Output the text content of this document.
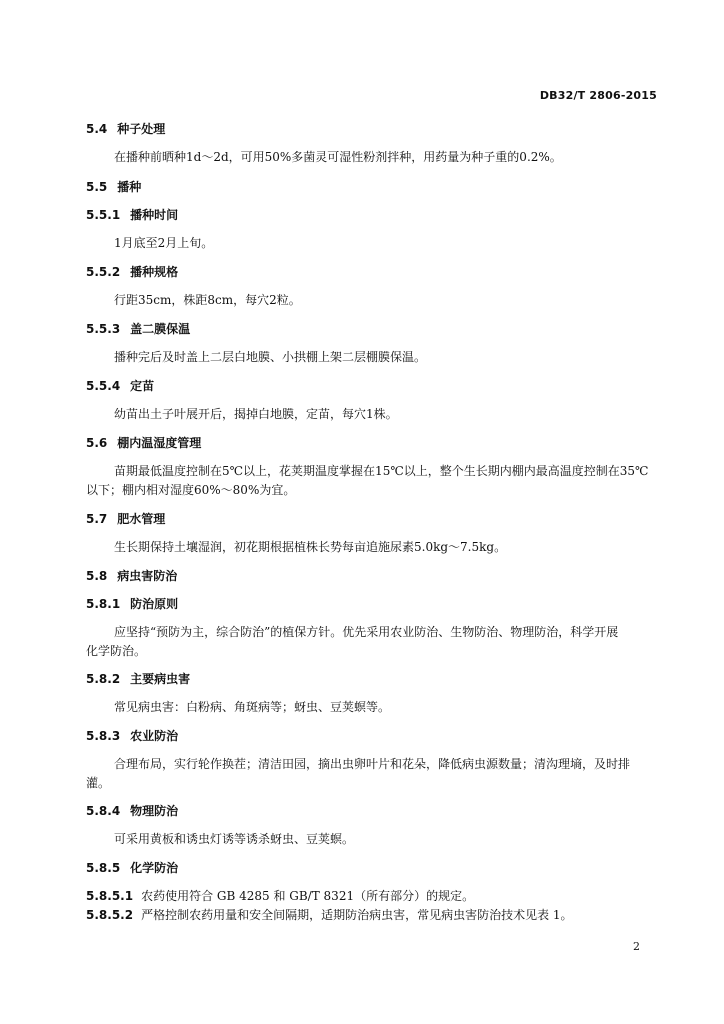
DB32/T 2806-2015
5.4 种子处理
在播种前晒种1d～2d，可用50%多菌灵可湿性粉剂拌种，用药量为种子重的0.2%。
5.5 播种
5.5.1 播种时间
1月底至2月上旬。
5.5.2 播种规格
行距35cm，株距8cm，每穴2粒。
5.5.3 盖二膜保温
播种完后及时盖上二层白地膜、小拱棚上架二层棚膜保温。
5.5.4 定苗
幼苗出土子叶展开后，揭掉白地膜，定苗，每穴1株。
5.6 棚内温湿度管理
苗期最低温度控制在5℃以上，花荚期温度掌握在15℃以上，整个生长期内棚内最高温度控制在35℃
以下；棚内相对湿度60%～80%为宜。
5.7 肥水管理
生长期保持土壤湿润，初花期根据植株长势每亩追施尿素5.0kg～7.5kg。
5.8 病虫害防治
5.8.1 防治原则
应坚持“预防为主，综合防治”的植保方针。优先采用农业防治、生物防治、物理防治，科学开展
化学防治。
5.8.2 主要病虫害
常见病虫害：白粉病、角斑病等；蚜虫、豆荚螟等。
5.8.3 农业防治
合理布局，实行轮作换茬；清洁田园，摘出虫卵叶片和花朵，降低病虫源数量；清沟理墒，及时排
灌。
5.8.4 物理防治
可采用黄板和诱虫灯诱等诱杀蚜虫、豆荚螟。
5.8.5 化学防治
5.8.5.1 农药使用符合 GB 4285 和 GB/T 8321（所有部分）的规定。
5.8.5.2 严格控制农药用量和安全间隔期，适期防治病虫害，常见病虫害防治技术见表 1。
2
